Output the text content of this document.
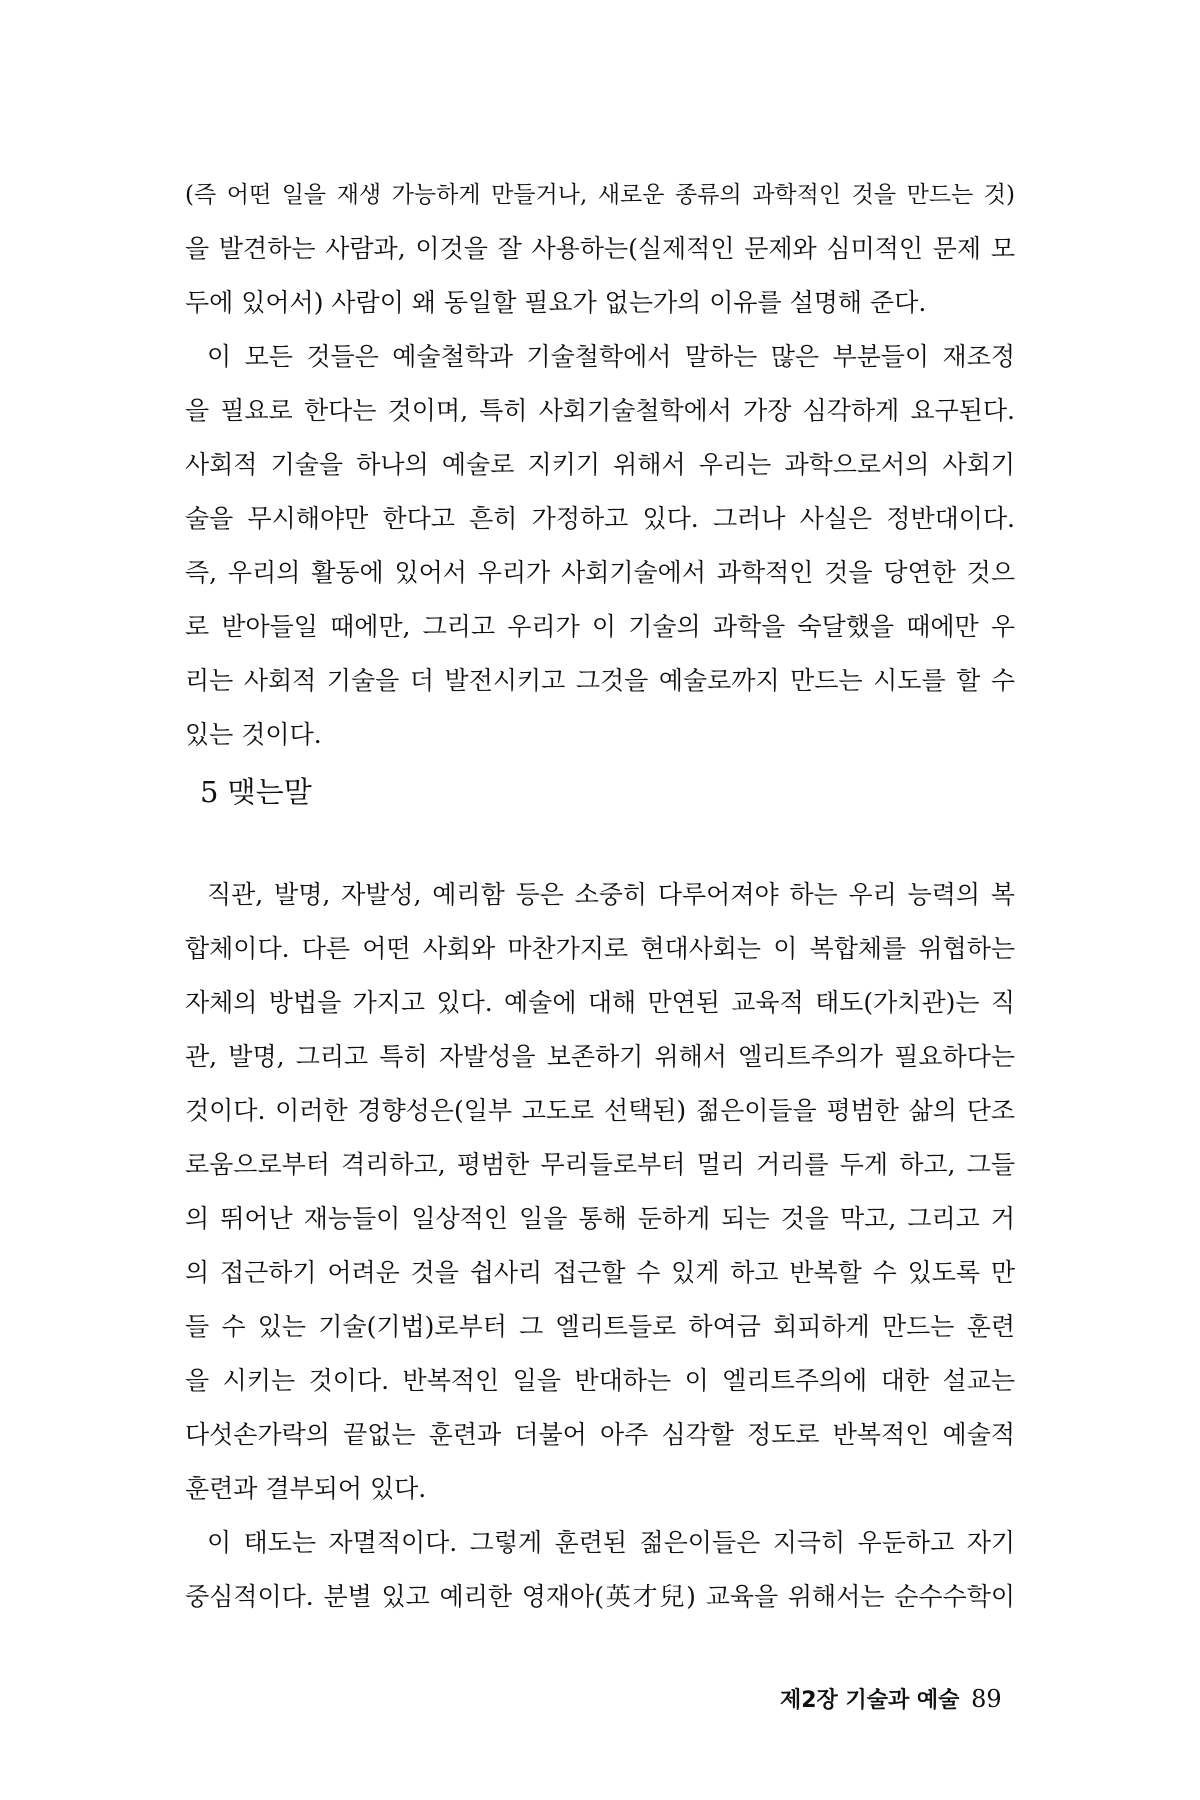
(즉 어떤 일을 재생 가능하게 만들거나, 새로운 종류의 과학적인 것을 만드는 것)
을 발견하는 사람과, 이것을 잘 사용하는(실제적인 문제와 심미적인 문제 모
두에 있어서) 사람이 왜 동일할 필요가 없는가의 이유를 설명해 준다.
이 모든 것들은 예술철학과 기술철학에서 말하는 많은 부분들이 재조정
을 필요로 한다는 것이며, 특히 사회기술철학에서 가장 심각하게 요구된다.
사회적 기술을 하나의 예술로 지키기 위해서 우리는 과학으로서의 사회기
술을 무시해야만 한다고 흔히 가정하고 있다. 그러나 사실은 정반대이다.
즉, 우리의 활동에 있어서 우리가 사회기술에서 과학적인 것을 당연한 것으
로 받아들일 때에만, 그리고 우리가 이 기술의 과학을 숙달했을 때에만 우
리는 사회적 기술을 더 발전시키고 그것을 예술로까지 만드는 시도를 할 수
있는 것이다.
5 맺는말
직관, 발명, 자발성, 예리함 등은 소중히 다루어져야 하는 우리 능력의 복
합체이다. 다른 어떤 사회와 마찬가지로 현대사회는 이 복합체를 위협하는
자체의 방법을 가지고 있다. 예술에 대해 만연된 교육적 태도(가치관)는 직
관, 발명, 그리고 특히 자발성을 보존하기 위해서 엘리트주의가 필요하다는
것이다. 이러한 경향성은(일부 고도로 선택된) 젊은이들을 평범한 삶의 단조
로움으로부터 격리하고, 평범한 무리들로부터 멀리 거리를 두게 하고, 그들
의 뛰어난 재능들이 일상적인 일을 통해 둔하게 되는 것을 막고, 그리고 거
의 접근하기 어려운 것을 쉽사리 접근할 수 있게 하고 반복할 수 있도록 만
들 수 있는 기술(기법)로부터 그 엘리트들로 하여금 회피하게 만드는 훈련
을 시키는 것이다. 반복적인 일을 반대하는 이 엘리트주의에 대한 설교는
다섯손가락의 끝없는 훈련과 더불어 아주 심각할 정도로 반복적인 예술적
훈련과 결부되어 있다.
이 태도는 자멸적이다. 그렇게 훈련된 젊은이들은 지극히 우둔하고 자기
중심적이다. 분별 있고 예리한 영재아(英才兒) 교육을 위해서는 순수수학이
제2장 기술과 예술 89
